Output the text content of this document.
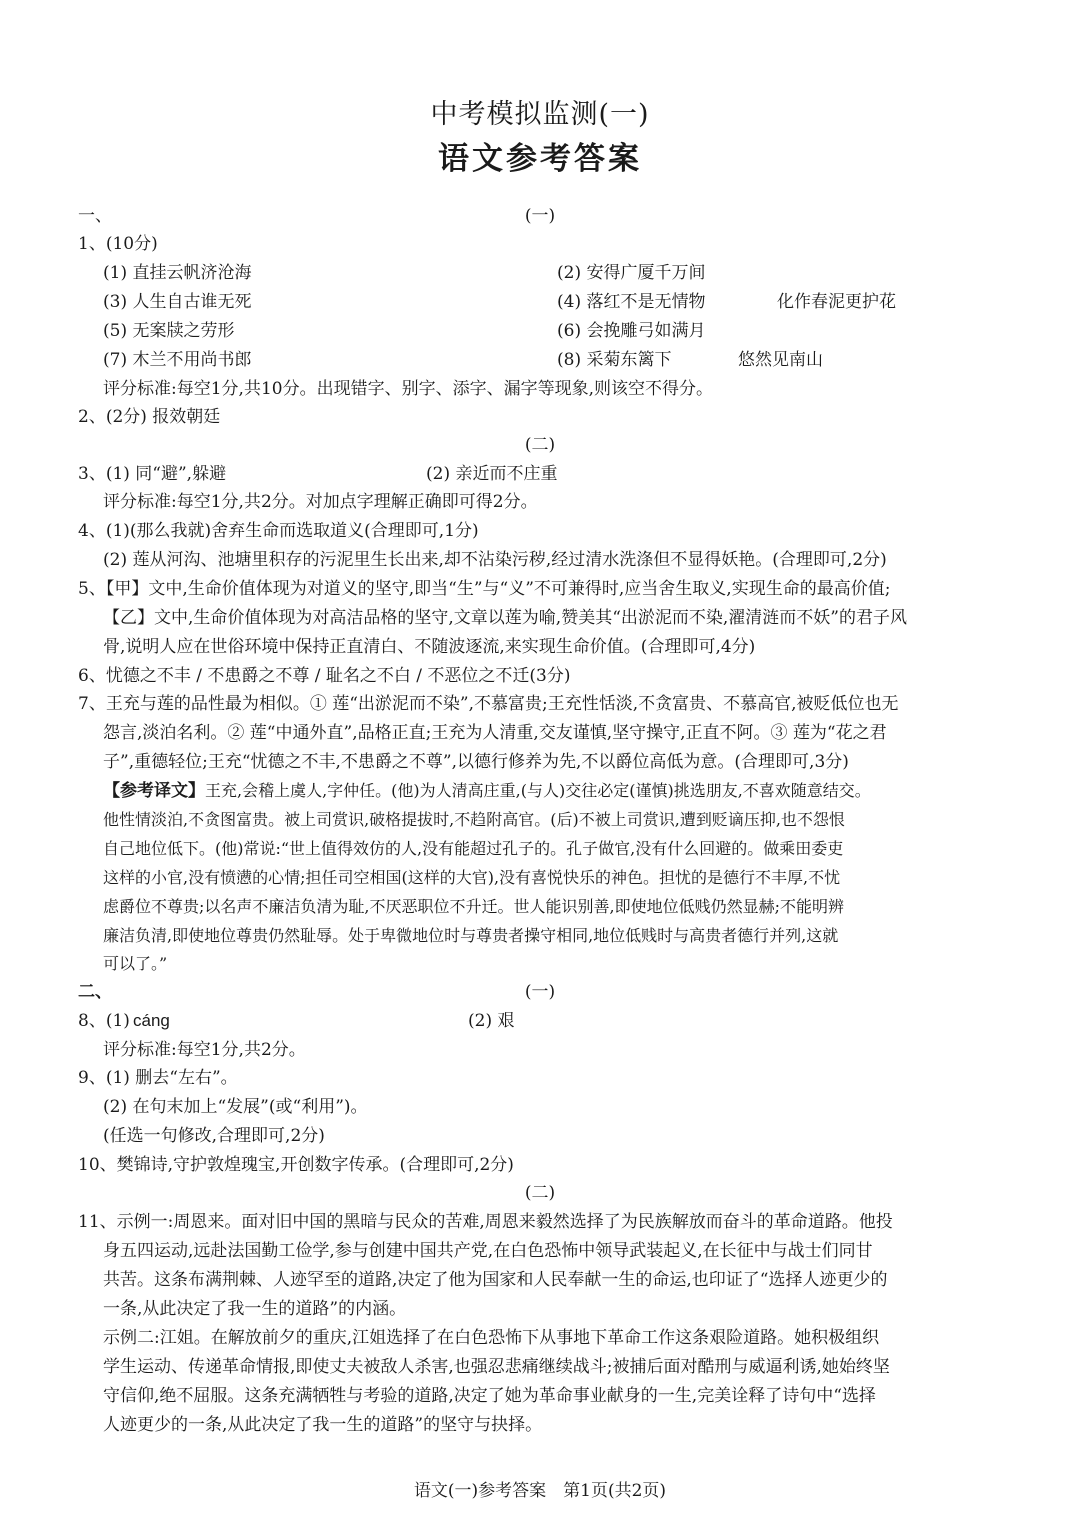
中考模拟监测(一)
语文参考答案
一、	(一)
1、(10分)
(1) 直挂云帆济沧海	(2) 安得广厦千万间
(3) 人生自古谁无死	(4) 落红不是无情物	化作春泥更护花
(5) 无案牍之劳形	(6) 会挽雕弓如满月
(7) 木兰不用尚书郎	(8) 采菊东篱下	悠然见南山
评分标准:每空1分,共10分。出现错字、别字、添字、漏字等现象,则该空不得分。
2、(2分) 报效朝廷
(二)
3、(1) 同“避”,躲避	(2) 亲近而不庄重
评分标准:每空1分,共2分。对加点字理解正确即可得2分。
4、(1)(那么我就)舍弃生命而选取道义(合理即可,1分)
(2) 莲从河沟、池塘里积存的污泥里生长出来,却不沾染污秽,经过清水洗涤但不显得妖艳。(合理即可,2分)
5、【甲】文中,生命价值体现为对道义的坚守,即当“生”与“义”不可兼得时,应当舍生取义,实现生命的最高价值;
【乙】文中,生命价值体现为对高洁品格的坚守,文章以莲为喻,赞美其“出淤泥而不染,濯清涟而不妖”的君子风
骨,说明人应在世俗环境中保持正直清白、不随波逐流,来实现生命价值。(合理即可,4分)
6、忧德之不丰 / 不患爵之不尊 / 耻名之不白 / 不恶位之不迁(3分)
7、王充与莲的品性最为相似。① 莲“出淤泥而不染”,不慕富贵;王充性恬淡,不贪富贵、不慕高官,被贬低位也无
怨言,淡泊名利。② 莲“中通外直”,品格正直;王充为人清重,交友谨慎,坚守操守,正直不阿。③ 莲为“花之君
子”,重德轻位;王充“忧德之不丰,不患爵之不尊”,以德行修养为先,不以爵位高低为意。(合理即可,3分)
【参考译文】 王充,会稽上虞人,字仲任。(他)为人清高庄重,(与人)交往必定(谨慎)挑选朋友,不喜欢随意结交。
他性情淡泊,不贪图富贵。被上司赏识,破格提拔时,不趋附高官。(后)不被上司赏识,遭到贬谪压抑,也不怨恨
自己地位低下。(他)常说:“世上值得效仿的人,没有能超过孔子的。孔子做官,没有什么回避的。做乘田委吏
这样的小官,没有愤懑的心情;担任司空相国(这样的大官),没有喜悦快乐的神色。担忧的是德行不丰厚,不忧
虑爵位不尊贵;以名声不廉洁负清为耻,不厌恶职位不升迁。世人能识别善,即使地位低贱仍然显赫;不能明辨
廉洁负清,即使地位尊贵仍然耻辱。处于卑微地位时与尊贵者操守相同,地位低贱时与高贵者德行并列,这就
可以了。”
二、	(一)
8、(1) cáng	(2) 艰
评分标准:每空1分,共2分。
9、(1) 删去“左右”。
(2) 在句末加上“发展”(或“利用”)。
(任选一句修改,合理即可,2分)
10、樊锦诗,守护敦煌瑰宝,开创数字传承。(合理即可,2分)
(二)
11、示例一:周恩来。面对旧中国的黑暗与民众的苦难,周恩来毅然选择了为民族解放而奋斗的革命道路。他投
身五四运动,远赴法国勤工俭学,参与创建中国共产党,在白色恐怖中领导武装起义,在长征中与战士们同甘
共苦。这条布满荆棘、人迹罕至的道路,决定了他为国家和人民奉献一生的命运,也印证了“选择人迹更少的
一条,从此决定了我一生的道路”的内涵。
示例二:江姐。在解放前夕的重庆,江姐选择了在白色恐怖下从事地下革命工作这条艰险道路。她积极组织
学生运动、传递革命情报,即使丈夫被敌人杀害,也强忍悲痛继续战斗;被捕后面对酷刑与威逼利诱,她始终坚
守信仰,绝不屈服。这条充满牺牲与考验的道路,决定了她为革命事业献身的一生,完美诠释了诗句中“选择
人迹更少的一条,从此决定了我一生的道路”的坚守与抉择。
语文(一)参考答案　第1页(共2页)
